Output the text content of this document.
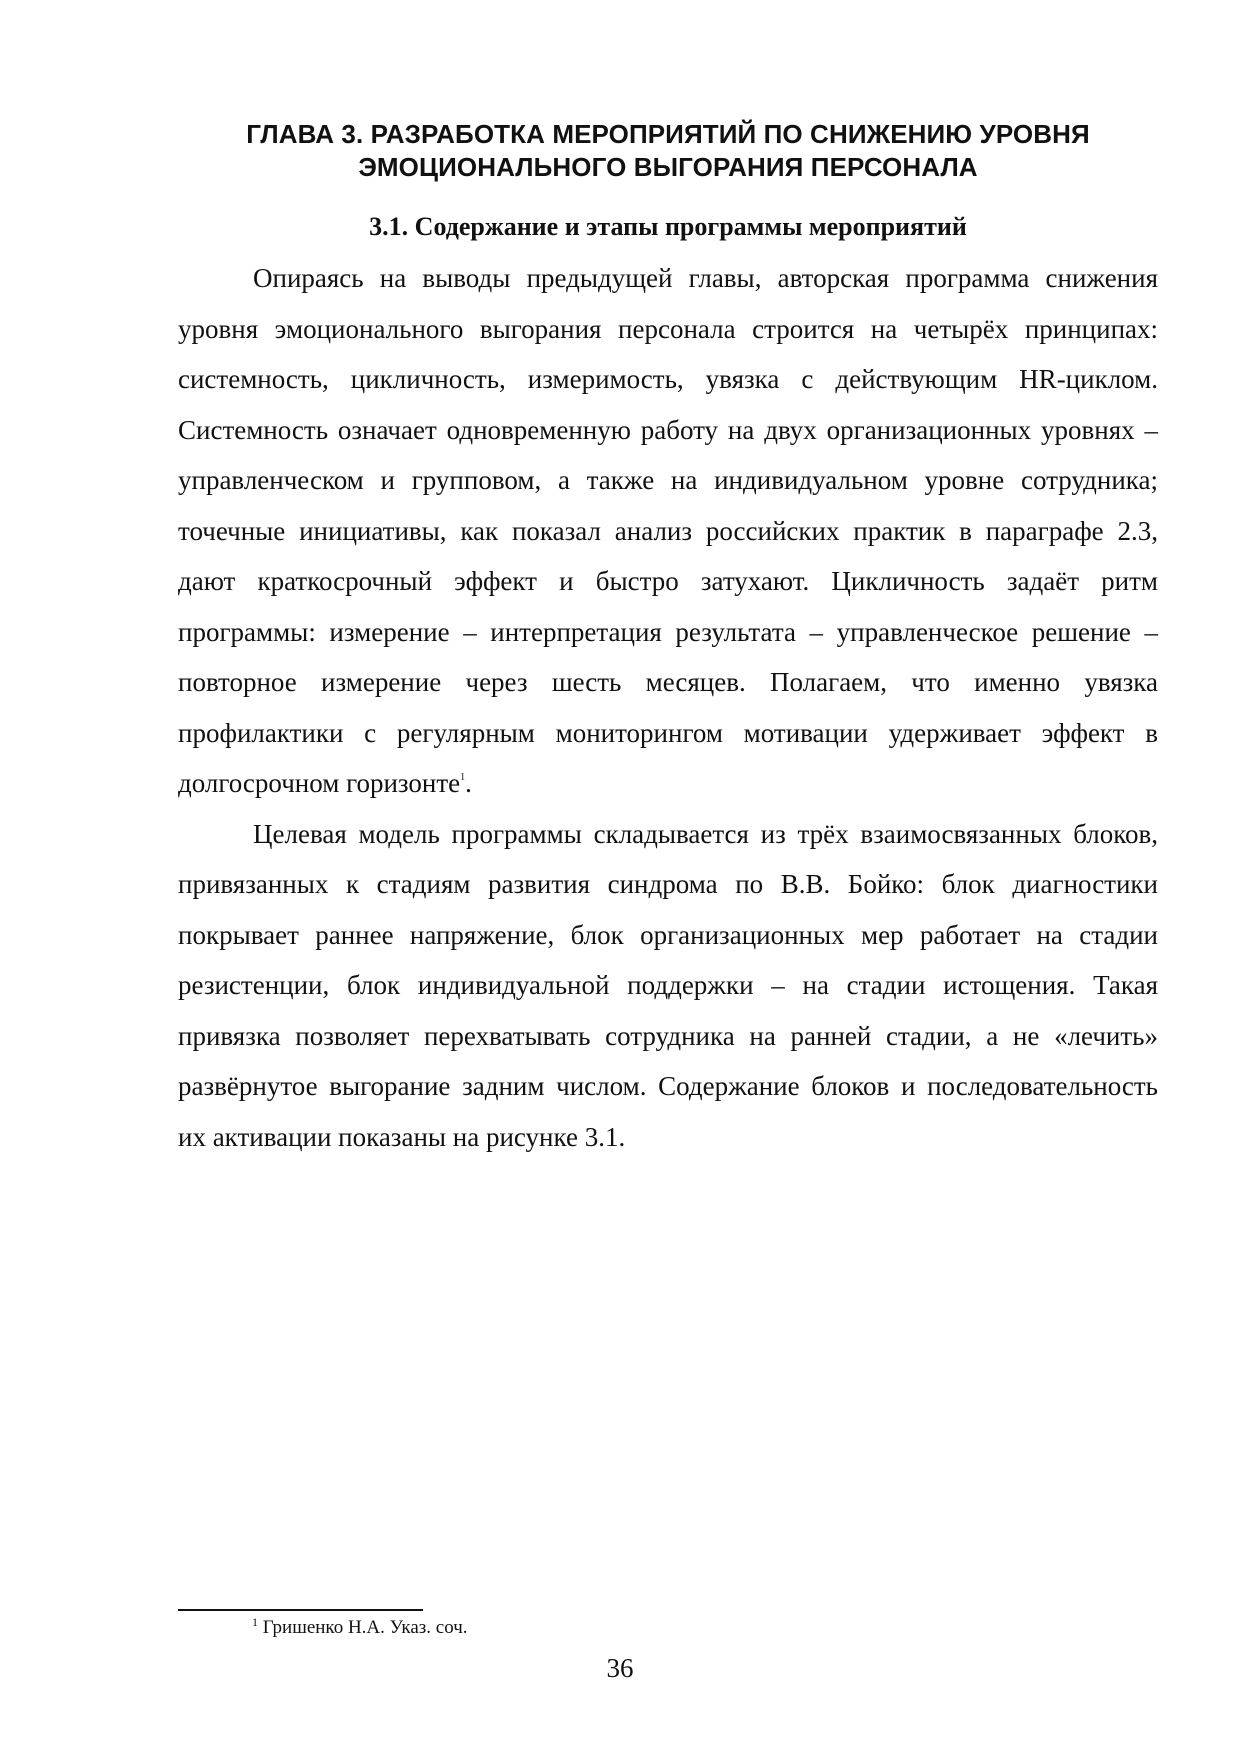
ГЛАВА 3. РАЗРАБОТКА МЕРОПРИЯТИЙ ПО СНИЖЕНИЮ УРОВНЯ
ЭМОЦИОНАЛЬНОГО ВЫГОРАНИЯ ПЕРСОНАЛА
3.1. Содержание и этапы программы мероприятий

Опираясь на выводы предыдущей главы, авторская программа снижения уровня эмоционального выгорания персонала строится на четырёх принципах: системность, цикличность, измеримость, увязка с действующим HR-циклом. Системность означает одновременную работу на двух организационных уровнях – управленческом и групповом, а также на индивидуальном уровне сотрудника; точечные инициативы, как показал анализ российских практик в параграфе 2.3, дают краткосрочный эффект и быстро затухают. Цикличность задаёт ритм программы: измерение – интерпретация результата – управленческое решение – повторное измерение через шесть месяцев. Полагаем, что именно увязка профилактики с регулярным мониторингом мотивации удерживает эффект в долгосрочном горизонте$^1$.

Целевая модель программы складывается из трёх взаимосвязанных блоков, привязанных к стадиям развития синдрома по В.В. Бойко: блок диагностики покрывает раннее напряжение, блок организационных мер работает на стадии резистенции, блок индивидуальной поддержки – на стадии истощения. Такая привязка позволяет перехватывать сотрудника на ранней стадии, а не «лечить» развёрнутое выгорание задним числом. Содержание блоков и последовательность их активации показаны на рисунке 3.1.

$^1$ Гришенко Н.А. Указ. соч.

36
